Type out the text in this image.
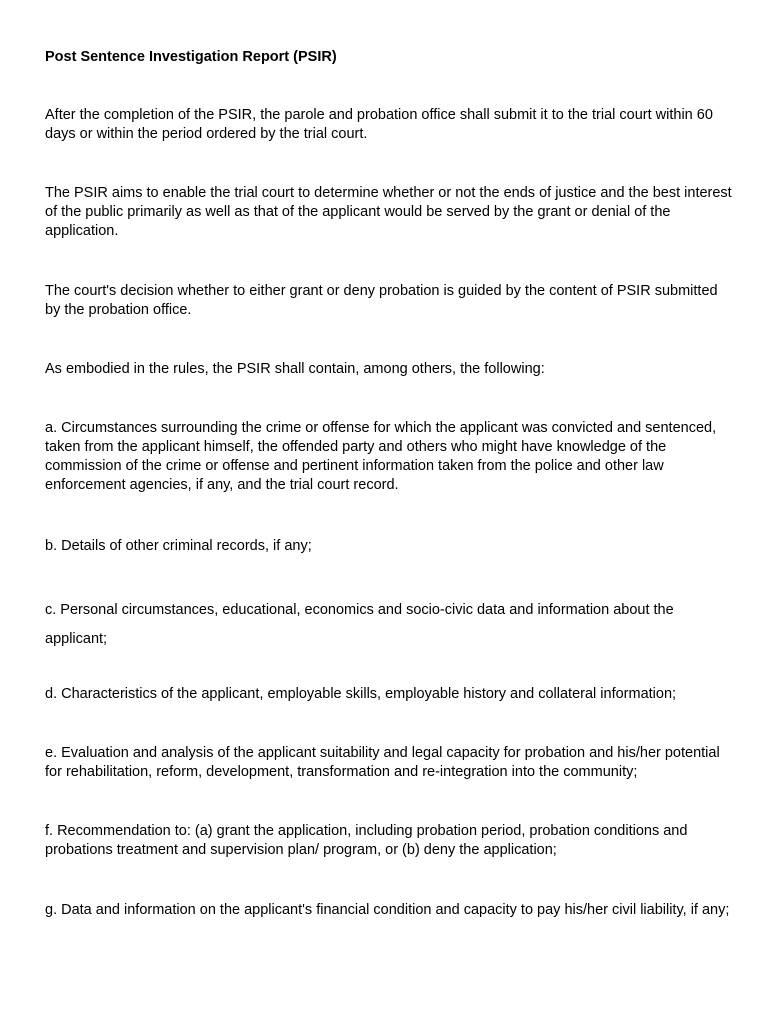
Post Sentence Investigation Report (PSIR)

After the completion of the PSIR, the parole and probation office shall submit it to the trial court within 60 days or within the period ordered by the trial court.

The PSIR aims to enable the trial court to determine whether or not the ends of justice and the best interest of the public primarily as well as that of the applicant would be served by the grant or denial of the application.

The court's decision whether to either grant or deny probation is guided by the content of PSIR submitted by the probation office.

As embodied in the rules, the PSIR shall contain, among others, the following:

a. Circumstances surrounding the crime or offense for which the applicant was convicted and sentenced, taken from the applicant himself, the offended party and others who might have knowledge of the commission of the crime or offense and pertinent information taken from the police and other law enforcement agencies, if any, and the trial court record.

b. Details of other criminal records, if any;

c. Personal circumstances, educational, economics and socio-civic data and information about the applicant;

d. Characteristics of the applicant, employable skills, employable history and collateral information;

e. Evaluation and analysis of the applicant suitability and legal capacity for probation and his/her potential for rehabilitation, reform, development, transformation and re-integration into the community;

f. Recommendation to: (a) grant the application, including probation period, probation conditions and probations treatment and supervision plan/ program, or (b) deny the application;

g. Data and information on the applicant's financial condition and capacity to pay his/her civil liability, if any;
